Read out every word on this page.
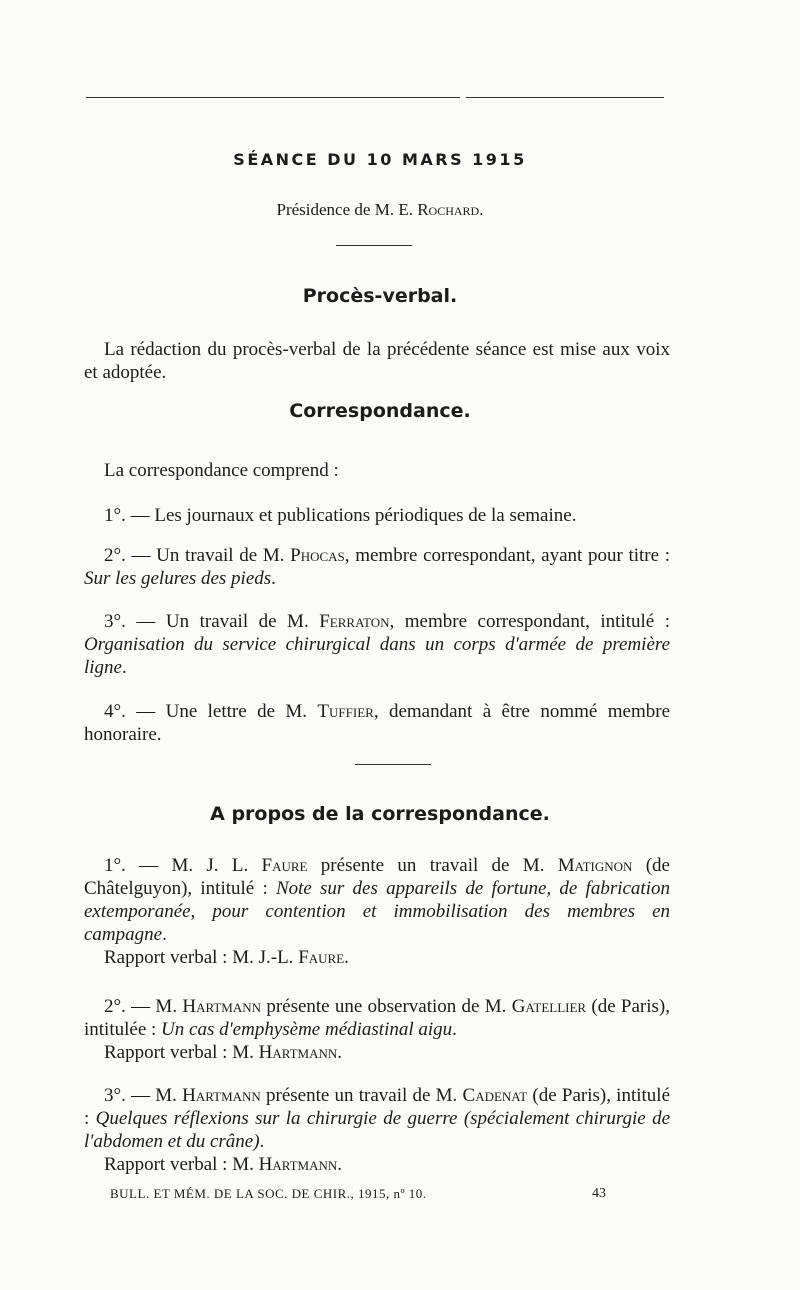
SÉANCE DU 10 MARS 1915
Présidence de M. E. Rochard.
Procès-verbal.
La rédaction du procès-verbal de la précédente séance est mise aux voix et adoptée.
Correspondance.
La correspondance comprend :
1°. — Les journaux et publications périodiques de la semaine.
2°. — Un travail de M. Phocas, membre correspondant, ayant pour titre : Sur les gelures des pieds.
3°. — Un travail de M. Ferraton, membre correspondant, intitulé : Organisation du service chirurgical dans un corps d'armée de première ligne.
4°. — Une lettre de M. Tuffier, demandant à être nommé membre honoraire.
A propos de la correspondance.
1°. — M. J. L. Faure présente un travail de M. Matignon (de Châtelguyon), intitulé : Note sur des appareils de fortune, de fabrication extemporanée, pour contention et immobilisation des membres en campagne.
Rapport verbal : M. J.-L. Faure.
2°. — M. Hartmann présente une observation de M. Gatellier (de Paris), intitulée : Un cas d'emphysème médiastinal aigu.
Rapport verbal : M. Hartmann.
3°. — M. Hartmann présente un travail de M. Cadenat (de Paris), intitulé : Quelques réflexions sur la chirurgie de guerre (spécialement chirurgie de l'abdomen et du crâne).
Rapport verbal : M. Hartmann.
BULL. ET MÉM. DE LA SOC. DE CHIR., 1915, nº 10.	43
